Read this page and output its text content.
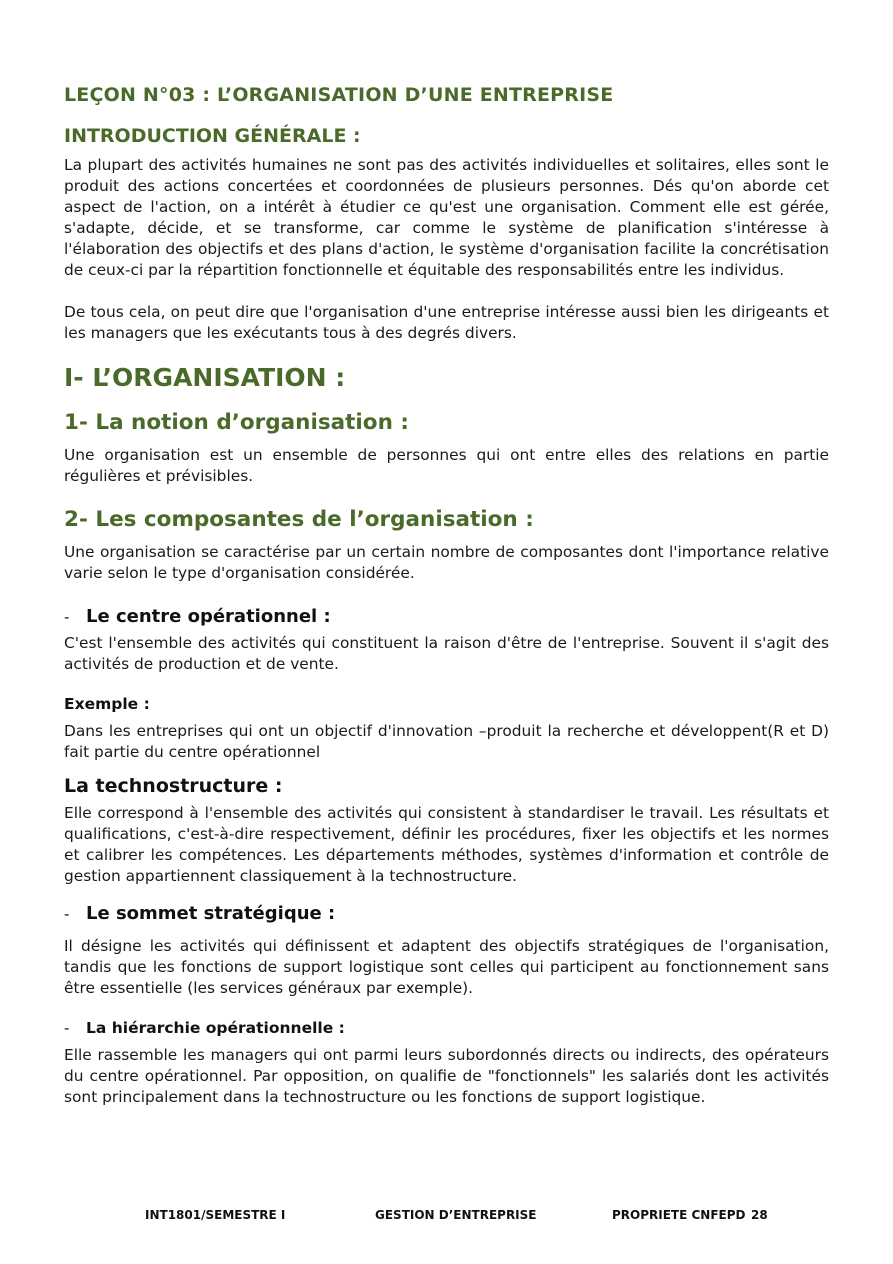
LEÇON N°03 : L’ORGANISATION D’UNE ENTREPRISE
INTRODUCTION GÉNÉRALE :

La plupart des activités humaines ne sont pas des activités individuelles et solitaires, elles sont le produit des actions concertées et coordonnées de plusieurs personnes. Dés qu'on aborde cet aspect de l'action, on a intérêt à étudier ce qu'est une organisation. Comment elle est gérée, s'adapte, décide, et se transforme, car comme le système de planification s'intéresse à l'élaboration des objectifs et des plans d'action, le système d'organisation facilite la concrétisation de ceux-ci par la répartition fonctionnelle et équitable des responsabilités entre les individus.

De tous cela, on peut dire que l'organisation d'une entreprise intéresse aussi bien les dirigeants et les managers que les exécutants tous à des degrés divers.

I- L’ORGANISATION :
1- La notion d’organisation :

Une organisation est un ensemble de personnes qui ont entre elles des relations en partie régulières et prévisibles.

2- Les composantes de l’organisation :

Une organisation se caractérise par un certain nombre de composantes dont l'importance relative varie selon le type d'organisation considérée.

- Le centre opérationnel :

C'est l'ensemble des activités qui constituent la raison d'être de l'entreprise. Souvent il s'agit des activités de production et de vente.

Exemple :

Dans les entreprises qui ont un objectif d'innovation –produit la recherche et développent(R et D) fait partie du centre opérationnel

La technostructure :

Elle correspond à l'ensemble des activités qui consistent à standardiser le travail. Les résultats et qualifications, c'est-à-dire respectivement, définir les procédures, fixer les objectifs et les normes et calibrer les compétences. Les départements méthodes, systèmes d'information et contrôle de gestion appartiennent classiquement à la technostructure.

- Le sommet stratégique :

Il désigne les activités qui définissent et adaptent des objectifs stratégiques de l'organisation, tandis que les fonctions de support logistique sont celles qui participent au fonctionnement sans être essentielle (les services généraux par exemple).

-	La hiérarchie opérationnelle :

Elle rassemble les managers qui ont parmi leurs subordonnés directs ou indirects, des opérateurs du centre opérationnel. Par opposition, on qualifie de "fonctionnels" les salariés dont les activités sont principalement dans la technostructure ou les fonctions de support logistique.

INT1801/SEMESTRE I	GESTION D’ENTREPRISE	PROPRIETE CNFEPD 28
